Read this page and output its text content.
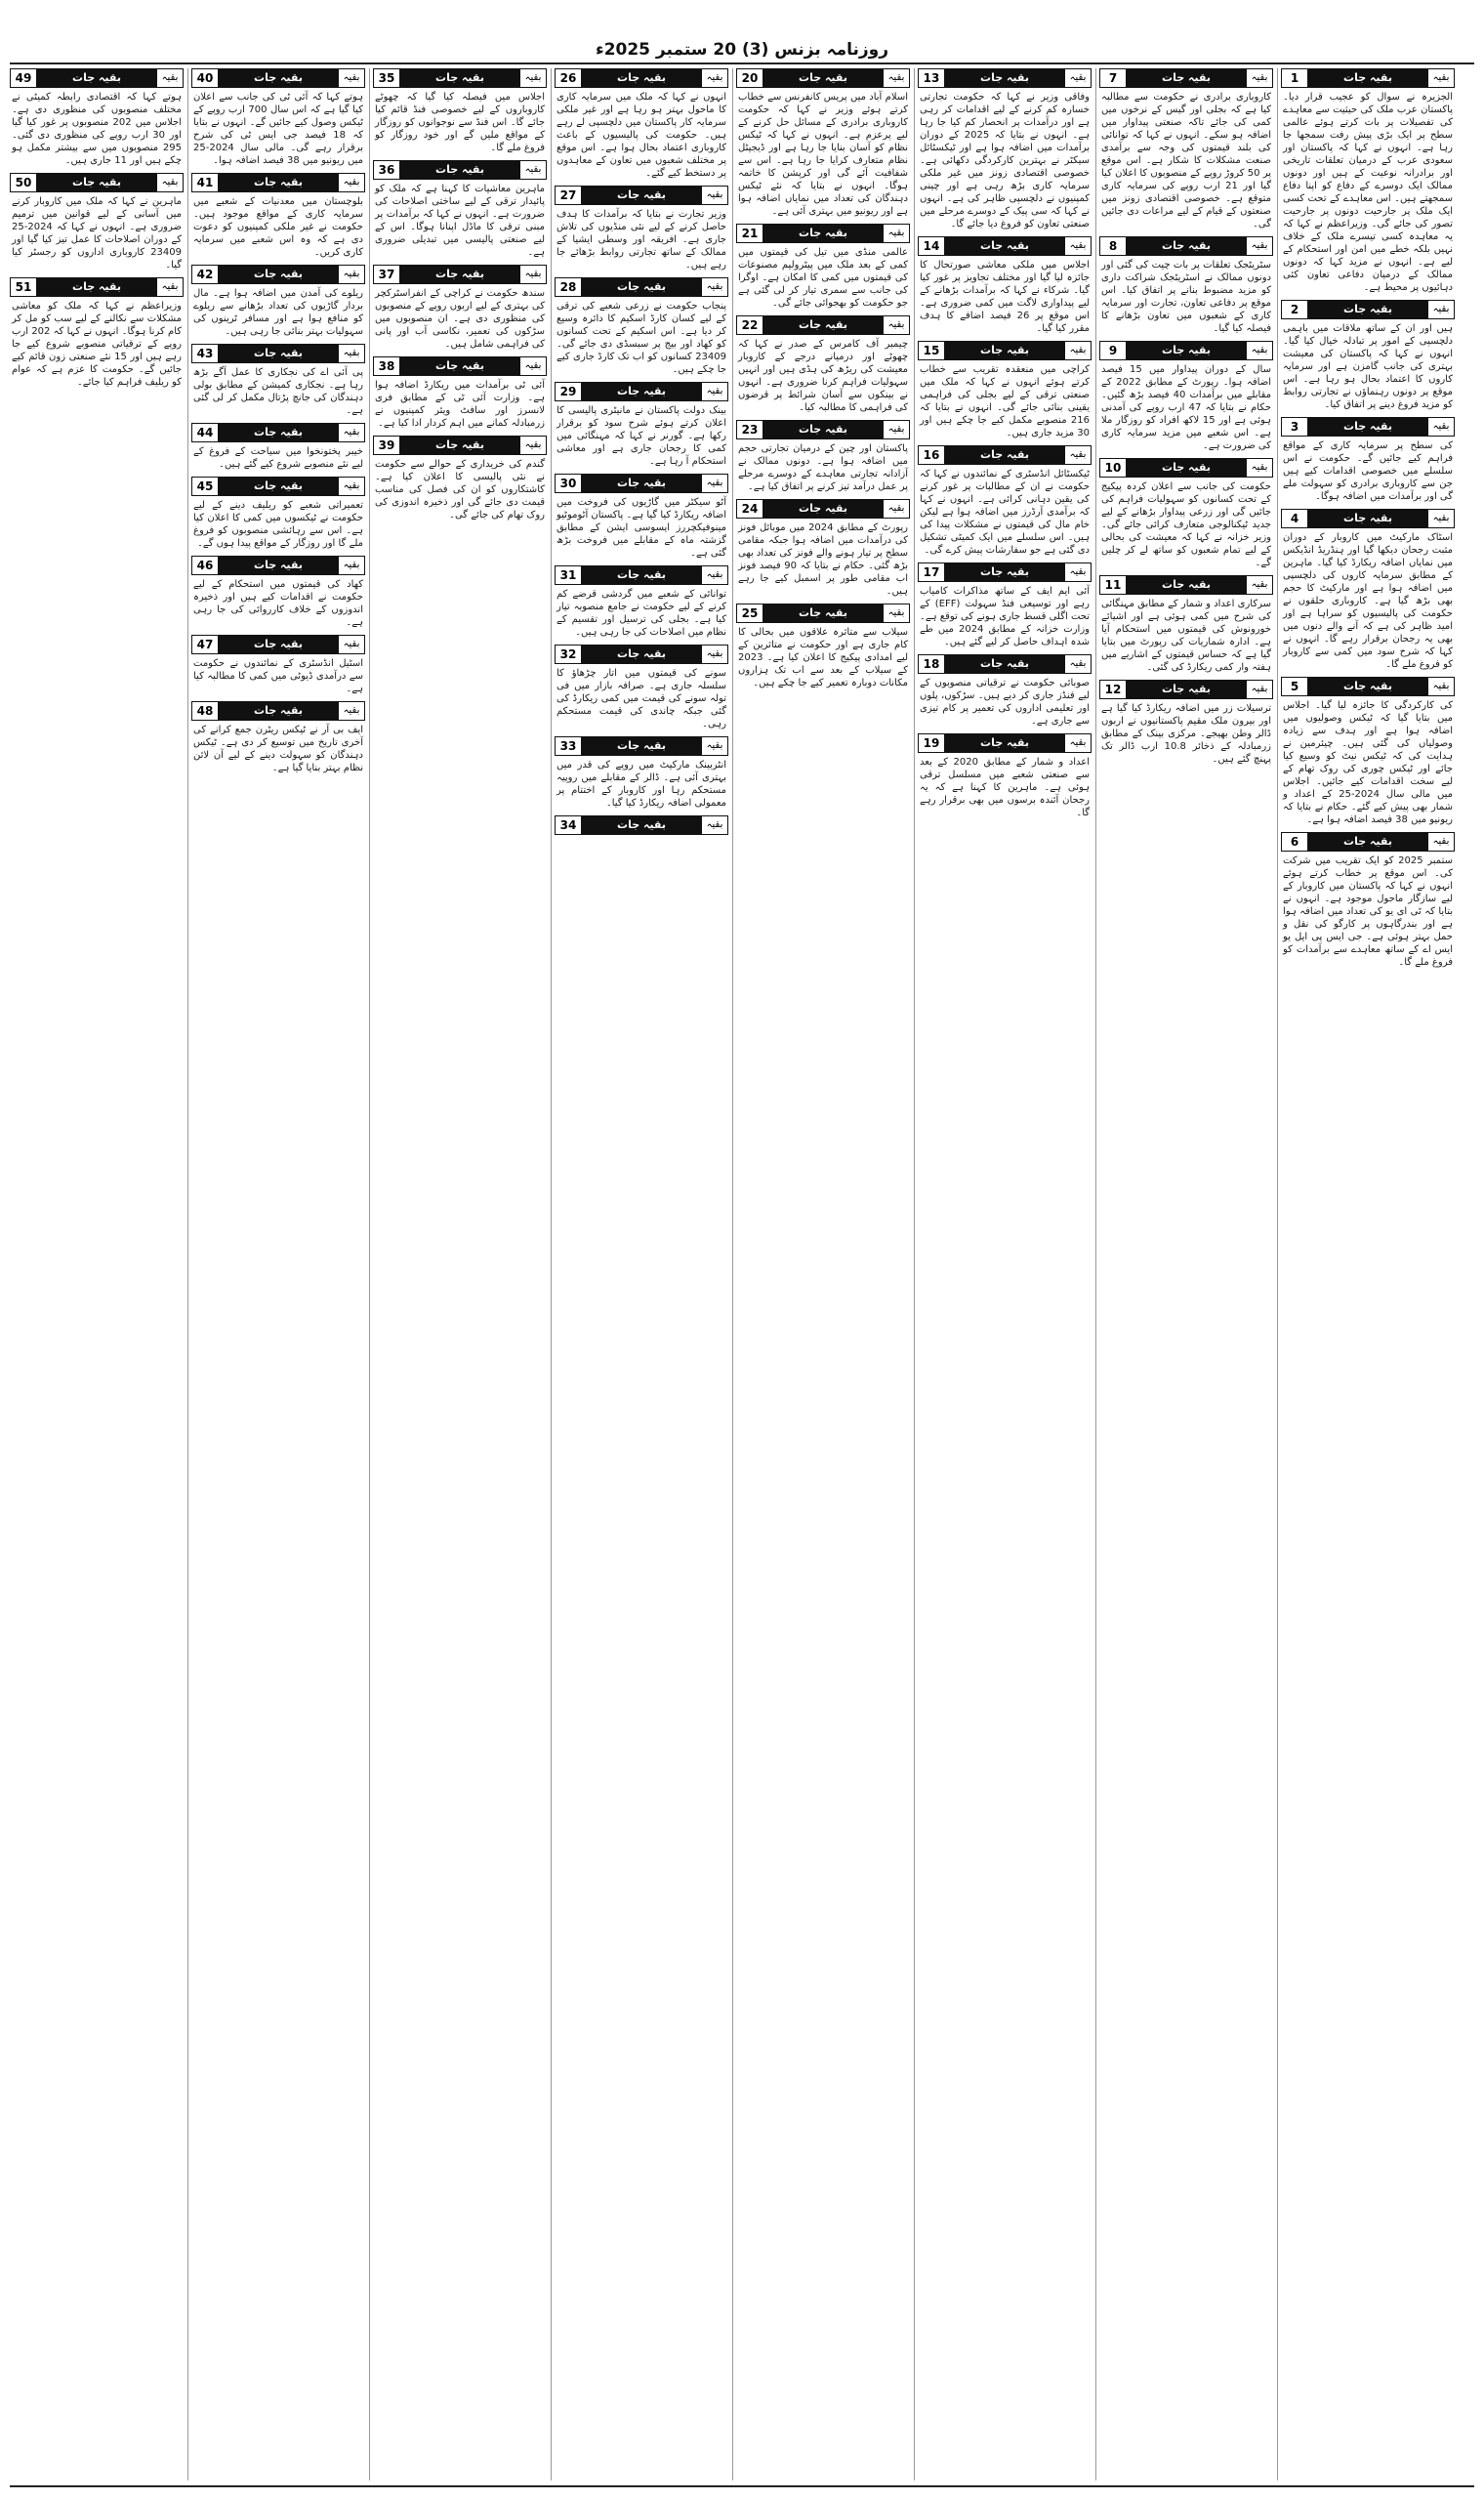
روزنامہ بزنس (3) 20 ستمبر 2025ء
1	بقیہ جات	بقیہ

الجزیرہ نے سوال کو عجیب قرار دیا۔ پاکستان عرب ملک کی حیثیت سے معاہدے کی تفصیلات پر بات کرتے ہوئے عالمی سطح پر ایک بڑی پیش رفت سمجھا جا رہا ہے۔ انہوں نے کہا کہ پاکستان اور سعودی عرب کے درمیان تعلقات تاریخی اور برادرانہ نوعیت کے ہیں اور دونوں ممالک ایک دوسرے کے دفاع کو اپنا دفاع سمجھتے ہیں۔ اس معاہدے کے تحت کسی ایک ملک پر جارحیت دونوں پر جارحیت تصور کی جائے گی۔ وزیراعظم نے کہا کہ یہ معاہدہ کسی تیسرے ملک کے خلاف نہیں بلکہ خطے میں امن اور استحکام کے لیے ہے۔ انہوں نے مزید کہا کہ دونوں ممالک کے درمیان دفاعی تعاون کئی دہائیوں پر محیط ہے۔

2	بقیہ جات	بقیہ

ہیں اور ان کے ساتھ ملاقات میں باہمی دلچسپی کے امور پر تبادلہ خیال کیا گیا۔ انہوں نے کہا کہ پاکستان کی معیشت بہتری کی جانب گامزن ہے اور سرمایہ کاروں کا اعتماد بحال ہو رہا ہے۔ اس موقع پر دونوں رہنماؤں نے تجارتی روابط کو مزید فروغ دینے پر اتفاق کیا۔

3	بقیہ جات	بقیہ

کی سطح پر سرمایہ کاری کے مواقع فراہم کیے جائیں گے۔ حکومت نے اس سلسلے میں خصوصی اقدامات کیے ہیں جن سے کاروباری برادری کو سہولت ملے گی اور برآمدات میں اضافہ ہوگا۔

4	بقیہ جات	بقیہ

اسٹاک مارکیٹ میں کاروبار کے دوران مثبت رجحان دیکھا گیا اور ہنڈریڈ انڈیکس میں نمایاں اضافہ ریکارڈ کیا گیا۔ ماہرین کے مطابق سرمایہ کاروں کی دلچسپی میں اضافہ ہوا ہے اور مارکیٹ کا حجم بھی بڑھ گیا ہے۔ کاروباری حلقوں نے حکومت کی پالیسیوں کو سراہا ہے اور امید ظاہر کی ہے کہ آنے والے دنوں میں بھی یہ رجحان برقرار رہے گا۔ انہوں نے کہا کہ شرح سود میں کمی سے کاروبار کو فروغ ملے گا۔

5	بقیہ جات	بقیہ

کی کارکردگی کا جائزہ لیا گیا۔ اجلاس میں بتایا گیا کہ ٹیکس وصولیوں میں اضافہ ہوا ہے اور ہدف سے زیادہ وصولیاں کی گئی ہیں۔ چیئرمین نے ہدایت کی کہ ٹیکس نیٹ کو وسیع کیا جائے اور ٹیکس چوری کی روک تھام کے لیے سخت اقدامات کیے جائیں۔ اجلاس میں مالی سال 2024-25 کے اعداد و شمار بھی پیش کیے گئے۔ حکام نے بتایا کہ ریونیو میں 38 فیصد اضافہ ہوا ہے۔

6	بقیہ جات	بقیہ

ستمبر 2025 کو ایک تقریب میں شرکت کی۔ اس موقع پر خطاب کرتے ہوئے انہوں نے کہا کہ پاکستان میں کاروبار کے لیے سازگار ماحول موجود ہے۔ انہوں نے بتایا کہ ٹی ای یو کی تعداد میں اضافہ ہوا ہے اور بندرگاہوں پر کارگو کی نقل و حمل بہتر ہوئی ہے۔ جی ایس پی ایل یو ایس اے کے ساتھ معاہدے سے برآمدات کو فروغ ملے گا۔

7	بقیہ جات	بقیہ

کاروباری برادری نے حکومت سے مطالبہ کیا ہے کہ بجلی اور گیس کے نرخوں میں کمی کی جائے تاکہ صنعتی پیداوار میں اضافہ ہو سکے۔ انہوں نے کہا کہ توانائی کی بلند قیمتوں کی وجہ سے برآمدی صنعت مشکلات کا شکار ہے۔ اس موقع پر 50 کروڑ روپے کے منصوبوں کا اعلان کیا گیا اور 21 ارب روپے کی سرمایہ کاری متوقع ہے۔ خصوصی اقتصادی زونز میں صنعتوں کے قیام کے لیے مراعات دی جائیں گی۔

8	بقیہ جات	بقیہ

سٹریٹجک تعلقات پر بات چیت کی گئی اور دونوں ممالک نے اسٹریٹجک شراکت داری کو مزید مضبوط بنانے پر اتفاق کیا۔ اس موقع پر دفاعی تعاون، تجارت اور سرمایہ کاری کے شعبوں میں تعاون بڑھانے کا فیصلہ کیا گیا۔

9	بقیہ جات	بقیہ

سال کے دوران پیداوار میں 15 فیصد اضافہ ہوا۔ رپورٹ کے مطابق 2022 کے مقابلے میں برآمدات 40 فیصد بڑھ گئیں۔ حکام نے بتایا کہ 47 ارب روپے کی آمدنی ہوئی ہے اور 15 لاکھ افراد کو روزگار ملا ہے۔ اس شعبے میں مزید سرمایہ کاری کی ضرورت ہے۔

10	بقیہ جات	بقیہ

حکومت کی جانب سے اعلان کردہ پیکیج کے تحت کسانوں کو سہولیات فراہم کی جائیں گی اور زرعی پیداوار بڑھانے کے لیے جدید ٹیکنالوجی متعارف کرائی جائے گی۔ وزیر خزانہ نے کہا کہ معیشت کی بحالی کے لیے تمام شعبوں کو ساتھ لے کر چلیں گے۔

11	بقیہ جات	بقیہ

سرکاری اعداد و شمار کے مطابق مہنگائی کی شرح میں کمی ہوئی ہے اور اشیائے خورونوش کی قیمتوں میں استحکام آیا ہے۔ ادارہ شماریات کی رپورٹ میں بتایا گیا ہے کہ حساس قیمتوں کے اشاریے میں ہفتہ وار کمی ریکارڈ کی گئی۔

12	بقیہ جات	بقیہ

ترسیلات زر میں اضافہ ریکارڈ کیا گیا ہے اور بیرون ملک مقیم پاکستانیوں نے اربوں ڈالر وطن بھیجے۔ مرکزی بینک کے مطابق زرمبادلہ کے ذخائر 10.8 ارب ڈالر تک پہنچ گئے ہیں۔

13	بقیہ جات	بقیہ

وفاقی وزیر نے کہا کہ حکومت تجارتی خسارہ کم کرنے کے لیے اقدامات کر رہی ہے اور درآمدات پر انحصار کم کیا جا رہا ہے۔ انہوں نے بتایا کہ 2025 کے دوران برآمدات میں اضافہ ہوا ہے اور ٹیکسٹائل سیکٹر نے بہترین کارکردگی دکھائی ہے۔ خصوصی اقتصادی زونز میں غیر ملکی سرمایہ کاری بڑھ رہی ہے اور چینی کمپنیوں نے دلچسپی ظاہر کی ہے۔ انہوں نے کہا کہ سی پیک کے دوسرے مرحلے میں صنعتی تعاون کو فروغ دیا جائے گا۔

14	بقیہ جات	بقیہ

اجلاس میں ملکی معاشی صورتحال کا جائزہ لیا گیا اور مختلف تجاویز پر غور کیا گیا۔ شرکاء نے کہا کہ برآمدات بڑھانے کے لیے پیداواری لاگت میں کمی ضروری ہے۔ اس موقع پر 26 فیصد اضافے کا ہدف مقرر کیا گیا۔

15	بقیہ جات	بقیہ

کراچی میں منعقدہ تقریب سے خطاب کرتے ہوئے انہوں نے کہا کہ ملک میں صنعتی ترقی کے لیے بجلی کی فراہمی یقینی بنائی جائے گی۔ انہوں نے بتایا کہ 216 منصوبے مکمل کیے جا چکے ہیں اور 30 مزید جاری ہیں۔

16	بقیہ جات	بقیہ

ٹیکسٹائل انڈسٹری کے نمائندوں نے کہا کہ حکومت نے ان کے مطالبات پر غور کرنے کی یقین دہانی کرائی ہے۔ انہوں نے کہا کہ برآمدی آرڈرز میں اضافہ ہوا ہے لیکن خام مال کی قیمتوں نے مشکلات پیدا کی ہیں۔ اس سلسلے میں ایک کمیٹی تشکیل دی گئی ہے جو سفارشات پیش کرے گی۔

17	بقیہ جات	بقیہ

آئی ایم ایف کے ساتھ مذاکرات کامیاب رہے اور توسیعی فنڈ سہولت (EFF) کے تحت اگلی قسط جاری ہونے کی توقع ہے۔ وزارت خزانہ کے مطابق 2024 میں طے شدہ اہداف حاصل کر لیے گئے ہیں۔

18	بقیہ جات	بقیہ

صوبائی حکومت نے ترقیاتی منصوبوں کے لیے فنڈز جاری کر دیے ہیں۔ سڑکوں، پلوں اور تعلیمی اداروں کی تعمیر پر کام تیزی سے جاری ہے۔

19	بقیہ جات	بقیہ

اعداد و شمار کے مطابق 2020 کے بعد سے صنعتی شعبے میں مسلسل ترقی ہوئی ہے۔ ماہرین کا کہنا ہے کہ یہ رجحان آئندہ برسوں میں بھی برقرار رہے گا۔

20	بقیہ جات	بقیہ

اسلام آباد میں پریس کانفرنس سے خطاب کرتے ہوئے وزیر نے کہا کہ حکومت کاروباری برادری کے مسائل حل کرنے کے لیے پرعزم ہے۔ انہوں نے کہا کہ ٹیکس نظام کو آسان بنایا جا رہا ہے اور ڈیجیٹل نظام متعارف کرایا جا رہا ہے۔ اس سے شفافیت آئے گی اور کرپشن کا خاتمہ ہوگا۔ انہوں نے بتایا کہ نئے ٹیکس دہندگان کی تعداد میں نمایاں اضافہ ہوا ہے اور ریونیو میں بہتری آئی ہے۔

21	بقیہ جات	بقیہ

عالمی منڈی میں تیل کی قیمتوں میں کمی کے بعد ملک میں پیٹرولیم مصنوعات کی قیمتوں میں کمی کا امکان ہے۔ اوگرا کی جانب سے سمری تیار کر لی گئی ہے جو حکومت کو بھجوائی جائے گی۔

22	بقیہ جات	بقیہ

چیمبر آف کامرس کے صدر نے کہا کہ چھوٹے اور درمیانے درجے کے کاروبار معیشت کی ریڑھ کی ہڈی ہیں اور انہیں سہولیات فراہم کرنا ضروری ہے۔ انہوں نے بینکوں سے آسان شرائط پر قرضوں کی فراہمی کا مطالبہ کیا۔

23	بقیہ جات	بقیہ

پاکستان اور چین کے درمیان تجارتی حجم میں اضافہ ہوا ہے۔ دونوں ممالک نے آزادانہ تجارتی معاہدے کے دوسرے مرحلے پر عمل درآمد تیز کرنے پر اتفاق کیا ہے۔

24	بقیہ جات	بقیہ

رپورٹ کے مطابق 2024 میں موبائل فونز کی درآمدات میں اضافہ ہوا جبکہ مقامی سطح پر تیار ہونے والے فونز کی تعداد بھی بڑھ گئی۔ حکام نے بتایا کہ 90 فیصد فونز اب مقامی طور پر اسمبل کیے جا رہے ہیں۔

25	بقیہ جات	بقیہ

سیلاب سے متاثرہ علاقوں میں بحالی کا کام جاری ہے اور حکومت نے متاثرین کے لیے امدادی پیکیج کا اعلان کیا ہے۔ 2023 کے سیلاب کے بعد سے اب تک ہزاروں مکانات دوبارہ تعمیر کیے جا چکے ہیں۔

26	بقیہ جات	بقیہ

انہوں نے کہا کہ ملک میں سرمایہ کاری کا ماحول بہتر ہو رہا ہے اور غیر ملکی سرمایہ کار پاکستان میں دلچسپی لے رہے ہیں۔ حکومت کی پالیسیوں کے باعث کاروباری اعتماد بحال ہوا ہے۔ اس موقع پر مختلف شعبوں میں تعاون کے معاہدوں پر دستخط کیے گئے۔

27	بقیہ جات	بقیہ

وزیر تجارت نے بتایا کہ برآمدات کا ہدف حاصل کرنے کے لیے نئی منڈیوں کی تلاش جاری ہے۔ افریقہ اور وسطی ایشیا کے ممالک کے ساتھ تجارتی روابط بڑھائے جا رہے ہیں۔

28	بقیہ جات	بقیہ

پنجاب حکومت نے زرعی شعبے کی ترقی کے لیے کسان کارڈ اسکیم کا دائرہ وسیع کر دیا ہے۔ اس اسکیم کے تحت کسانوں کو کھاد اور بیج پر سبسڈی دی جائے گی۔ 23409 کسانوں کو اب تک کارڈ جاری کیے جا چکے ہیں۔

29	بقیہ جات	بقیہ

بینک دولت پاکستان نے مانیٹری پالیسی کا اعلان کرتے ہوئے شرح سود کو برقرار رکھا ہے۔ گورنر نے کہا کہ مہنگائی میں کمی کا رجحان جاری ہے اور معاشی استحکام آ رہا ہے۔

30	بقیہ جات	بقیہ

آٹو سیکٹر میں گاڑیوں کی فروخت میں اضافہ ریکارڈ کیا گیا ہے۔ پاکستان آٹوموٹیو مینوفیکچررز ایسوسی ایشن کے مطابق گزشتہ ماہ کے مقابلے میں فروخت بڑھ گئی ہے۔

31	بقیہ جات	بقیہ

توانائی کے شعبے میں گردشی قرضے کم کرنے کے لیے حکومت نے جامع منصوبہ تیار کیا ہے۔ بجلی کی ترسیل اور تقسیم کے نظام میں اصلاحات کی جا رہی ہیں۔

32	بقیہ جات	بقیہ

سونے کی قیمتوں میں اتار چڑھاؤ کا سلسلہ جاری ہے۔ صرافہ بازار میں فی تولہ سونے کی قیمت میں کمی ریکارڈ کی گئی جبکہ چاندی کی قیمت مستحکم رہی۔

33	بقیہ جات	بقیہ

انٹربینک مارکیٹ میں روپے کی قدر میں بہتری آئی ہے۔ ڈالر کے مقابلے میں روپیہ مستحکم رہا اور کاروبار کے اختتام پر معمولی اضافہ ریکارڈ کیا گیا۔

34	بقیہ جات	بقیہ

35	بقیہ جات	بقیہ

اجلاس میں فیصلہ کیا گیا کہ چھوٹے کاروباروں کے لیے خصوصی فنڈ قائم کیا جائے گا۔ اس فنڈ سے نوجوانوں کو روزگار کے مواقع ملیں گے اور خود روزگار کو فروغ ملے گا۔

36	بقیہ جات	بقیہ

ماہرین معاشیات کا کہنا ہے کہ ملک کو پائیدار ترقی کے لیے ساختی اصلاحات کی ضرورت ہے۔ انہوں نے کہا کہ برآمدات پر مبنی ترقی کا ماڈل اپنانا ہوگا۔ اس کے لیے صنعتی پالیسی میں تبدیلی ضروری ہے۔

37	بقیہ جات	بقیہ

سندھ حکومت نے کراچی کے انفراسٹرکچر کی بہتری کے لیے اربوں روپے کے منصوبوں کی منظوری دی ہے۔ ان منصوبوں میں سڑکوں کی تعمیر، نکاسی آب اور پانی کی فراہمی شامل ہیں۔

38	بقیہ جات	بقیہ

آئی ٹی برآمدات میں ریکارڈ اضافہ ہوا ہے۔ وزارت آئی ٹی کے مطابق فری لانسرز اور سافٹ ویئر کمپنیوں نے زرمبادلہ کمانے میں اہم کردار ادا کیا ہے۔

39	بقیہ جات	بقیہ

گندم کی خریداری کے حوالے سے حکومت نے نئی پالیسی کا اعلان کیا ہے۔ کاشتکاروں کو ان کی فصل کی مناسب قیمت دی جائے گی اور ذخیرہ اندوزی کی روک تھام کی جائے گی۔

40	بقیہ جات	بقیہ

ہوتے کہا کہ آئی ٹی کی جانب سے اعلان کیا گیا ہے کہ اس سال 700 ارب روپے کے ٹیکس وصول کیے جائیں گے۔ انہوں نے بتایا کہ 18 فیصد جی ایس ٹی کی شرح برقرار رہے گی۔ مالی سال 2024-25 میں ریونیو میں 38 فیصد اضافہ ہوا۔

41	بقیہ جات	بقیہ

بلوچستان میں معدنیات کے شعبے میں سرمایہ کاری کے مواقع موجود ہیں۔ حکومت نے غیر ملکی کمپنیوں کو دعوت دی ہے کہ وہ اس شعبے میں سرمایہ کاری کریں۔

42	بقیہ جات	بقیہ

ریلوے کی آمدن میں اضافہ ہوا ہے۔ مال بردار گاڑیوں کی تعداد بڑھانے سے ریلوے کو منافع ہوا ہے اور مسافر ٹرینوں کی سہولیات بہتر بنائی جا رہی ہیں۔

43	بقیہ جات	بقیہ

پی آئی اے کی نجکاری کا عمل آگے بڑھ رہا ہے۔ نجکاری کمیشن کے مطابق بولی دہندگان کی جانچ پڑتال مکمل کر لی گئی ہے۔

44	بقیہ جات	بقیہ

خیبر پختونخوا میں سیاحت کے فروغ کے لیے نئے منصوبے شروع کیے گئے ہیں۔

45	بقیہ جات	بقیہ

تعمیراتی شعبے کو ریلیف دینے کے لیے حکومت نے ٹیکسوں میں کمی کا اعلان کیا ہے۔ اس سے رہائشی منصوبوں کو فروغ ملے گا اور روزگار کے مواقع پیدا ہوں گے۔

46	بقیہ جات	بقیہ

کھاد کی قیمتوں میں استحکام کے لیے حکومت نے اقدامات کیے ہیں اور ذخیرہ اندوزوں کے خلاف کارروائی کی جا رہی ہے۔

47	بقیہ جات	بقیہ

اسٹیل انڈسٹری کے نمائندوں نے حکومت سے درآمدی ڈیوٹی میں کمی کا مطالبہ کیا ہے۔

48	بقیہ جات	بقیہ

ایف بی آر نے ٹیکس ریٹرن جمع کرانے کی آخری تاریخ میں توسیع کر دی ہے۔ ٹیکس دہندگان کو سہولت دینے کے لیے آن لائن نظام بہتر بنایا گیا ہے۔

49	بقیہ جات	بقیہ

ہوتے کہا کہ اقتصادی رابطہ کمیٹی نے مختلف منصوبوں کی منظوری دی ہے۔ اجلاس میں 202 منصوبوں پر غور کیا گیا اور 30 ارب روپے کی منظوری دی گئی۔ 295 منصوبوں میں سے بیشتر مکمل ہو چکے ہیں اور 11 جاری ہیں۔

50	بقیہ جات	بقیہ

ماہرین نے کہا کہ ملک میں کاروبار کرنے میں آسانی کے لیے قوانین میں ترمیم ضروری ہے۔ انہوں نے کہا کہ 2024-25 کے دوران اصلاحات کا عمل تیز کیا گیا اور 23409 کاروباری اداروں کو رجسٹر کیا گیا۔

51	بقیہ جات	بقیہ

وزیراعظم نے کہا کہ ملک کو معاشی مشکلات سے نکالنے کے لیے سب کو مل کر کام کرنا ہوگا۔ انہوں نے کہا کہ 202 ارب روپے کے ترقیاتی منصوبے شروع کیے جا رہے ہیں اور 15 نئے صنعتی زون قائم کیے جائیں گے۔ حکومت کا عزم ہے کہ عوام کو ریلیف فراہم کیا جائے۔
